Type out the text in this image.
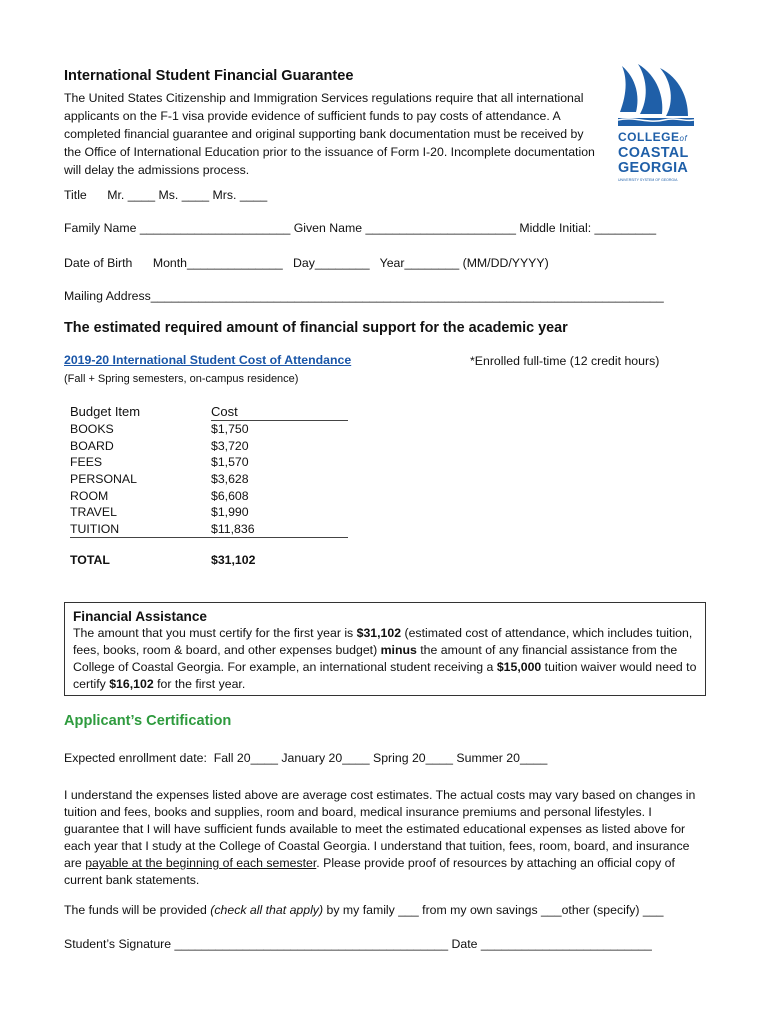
International Student Financial Guarantee
The United States Citizenship and Immigration Services regulations require that all international applicants on the F-1 visa provide evidence of sufficient funds to pay costs of attendance. A completed financial guarantee and original supporting bank documentation must be received by the Office of International Education prior to the issuance of Form I-20. Incomplete documentation will delay the admissions process.
COLLEGEof
COASTAL
GEORGIA
UNIVERSITY SYSTEM OF GEORGIA
Title      Mr. ____ Ms. ____ Mrs. ____
Family Name ______________________ Given Name ______________________ Middle Initial: _________
Date of Birth      Month______________   Day________   Year________ (MM/DD/YYYY)
Mailing Address___________________________________________________________________________
The estimated required amount of financial support for the academic year
2019-20 International Student Cost of Attendance	*Enrolled full-time (12 credit hours)
(Fall + Spring semesters, on-campus residence)
Budget Item	Cost
BOOKS	$1,750
BOARD	$3,720
FEES	$1,570
PERSONAL	$3,628
ROOM	$6,608
TRAVEL	$1,990
TUITION	$11,836
TOTAL	$31,102
Financial Assistance
The amount that you must certify for the first year is $31,102 (estimated cost of attendance, which includes tuition, fees, books, room & board, and other expenses budget) minus the amount of any financial assistance from the College of Coastal Georgia. For example, an international student receiving a $15,000 tuition waiver would need to certify $16,102 for the first year.
Applicant’s Certification
Expected enrollment date:  Fall 20____ January 20____ Spring 20____ Summer 20____
I understand the expenses listed above are average cost estimates. The actual costs may vary based on changes in tuition and fees, books and supplies, room and board, medical insurance premiums and personal lifestyles. I guarantee that I will have sufficient funds available to meet the estimated educational expenses as listed above for each year that I study at the College of Coastal Georgia. I understand that tuition, fees, room, board, and insurance are payable at the beginning of each semester. Please provide proof of resources by attaching an official copy of current bank statements.
The funds will be provided (check all that apply) by my family ___ from my own savings ___other (specify) ___
Student’s Signature ________________________________________ Date _________________________
